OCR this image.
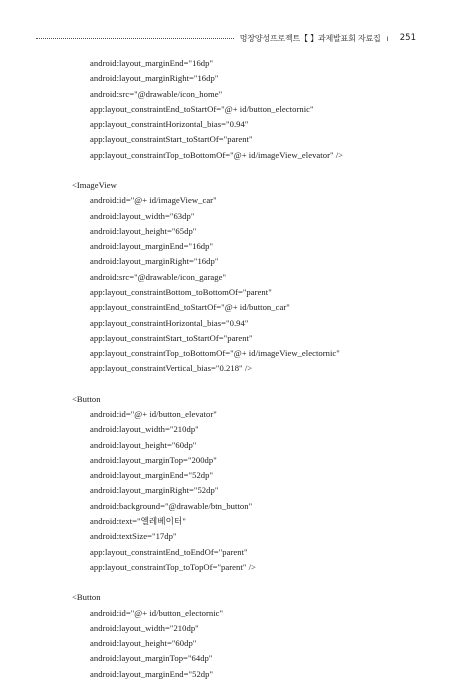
멍장양성프로젝트【 】과제발표회 자료집 ı 251
android:layout_marginEnd="16dp"
android:layout_marginRight="16dp"
android:src="@drawable/icon_home"
app:layout_constraintEnd_toStartOf="@+ id/button_electornic"
app:layout_constraintHorizontal_bias="0.94"
app:layout_constraintStart_toStartOf="parent"
app:layout_constraintTop_toBottomOf="@+ id/imageView_elevator" />
<ImageView
android:id="@+ id/imageView_car"
android:layout_width="63dp"
android:layout_height="65dp"
android:layout_marginEnd="16dp"
android:layout_marginRight="16dp"
android:src="@drawable/icon_garage"
app:layout_constraintBottom_toBottomOf="parent"
app:layout_constraintEnd_toStartOf="@+ id/button_car"
app:layout_constraintHorizontal_bias="0.94"
app:layout_constraintStart_toStartOf="parent"
app:layout_constraintTop_toBottomOf="@+ id/imageView_electornic"
app:layout_constraintVertical_bias="0.218" />
<Button
android:id="@+ id/button_elevator"
android:layout_width="210dp"
android:layout_height="60dp"
android:layout_marginTop="200dp"
android:layout_marginEnd="52dp"
android:layout_marginRight="52dp"
android:background="@drawable/btn_button"
android:text="엘레베이터"
android:textSize="17dp"
app:layout_constraintEnd_toEndOf="parent"
app:layout_constraintTop_toTopOf="parent" />
<Button
android:id="@+ id/button_electornic"
android:layout_width="210dp"
android:layout_height="60dp"
android:layout_marginTop="64dp"
android:layout_marginEnd="52dp"
